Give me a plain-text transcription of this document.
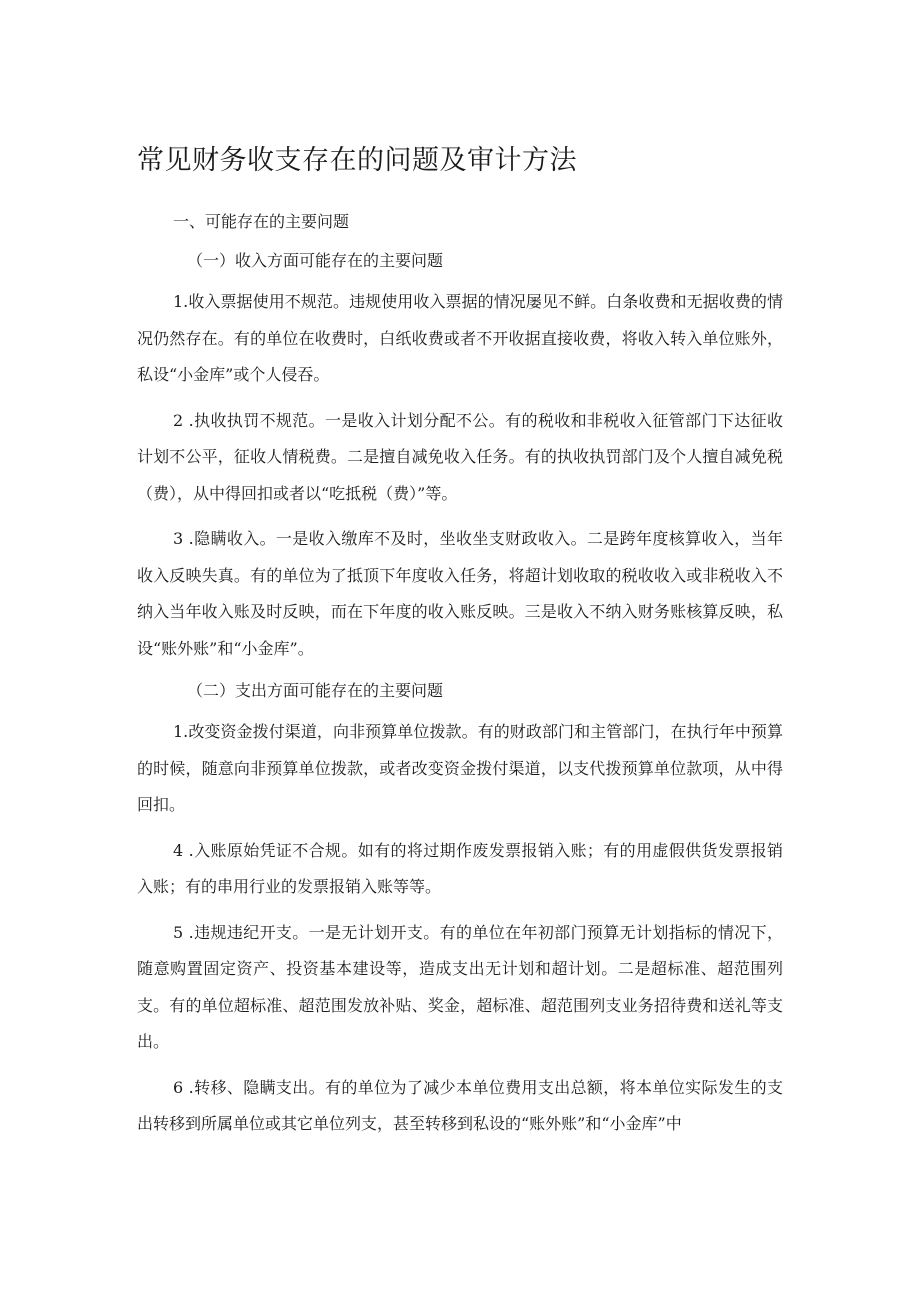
常见财务收支存在的问题及审计方法

一、可能存在的主要问题

（一）收入方面可能存在的主要问题

1.收入票据使用不规范。违规使用收入票据的情况屡见不鲜。白条收费和无据收费的情况仍然存在。有的单位在收费时，白纸收费或者不开收据直接收费，将收入转入单位账外，私设“小金库”或个人侵吞。

2 .执收执罚不规范。一是收入计划分配不公。有的税收和非税收入征管部门下达征收计划不公平，征收人情税费。二是擅自减免收入任务。有的执收执罚部门及个人擅自减免税（费），从中得回扣或者以“吃抵税（费）”等。

3 .隐瞒收入。一是收入缴库不及时，坐收坐支财政收入。二是跨年度核算收入，当年收入反映失真。有的单位为了抵顶下年度收入任务，将超计划收取的税收收入或非税收入不纳入当年收入账及时反映，而在下年度的收入账反映。三是收入不纳入财务账核算反映，私设“账外账”和“小金库”。

（二）支出方面可能存在的主要问题

1.改变资金拨付渠道，向非预算单位拨款。有的财政部门和主管部门，在执行年中预算的时候，随意向非预算单位拨款，或者改变资金拨付渠道，以支代拨预算单位款项，从中得回扣。

4 .入账原始凭证不合规。如有的将过期作废发票报销入账；有的用虚假供货发票报销入账；有的串用行业的发票报销入账等等。

5 .违规违纪开支。一是无计划开支。有的单位在年初部门预算无计划指标的情况下，随意购置固定资产、投资基本建设等，造成支出无计划和超计划。二是超标准、超范围列支。有的单位超标准、超范围发放补贴、奖金，超标准、超范围列支业务招待费和送礼等支出。

6 .转移、隐瞒支出。有的单位为了减少本单位费用支出总额，将本单位实际发生的支出转移到所属单位或其它单位列支，甚至转移到私设的“账外账”和“小金库”中
